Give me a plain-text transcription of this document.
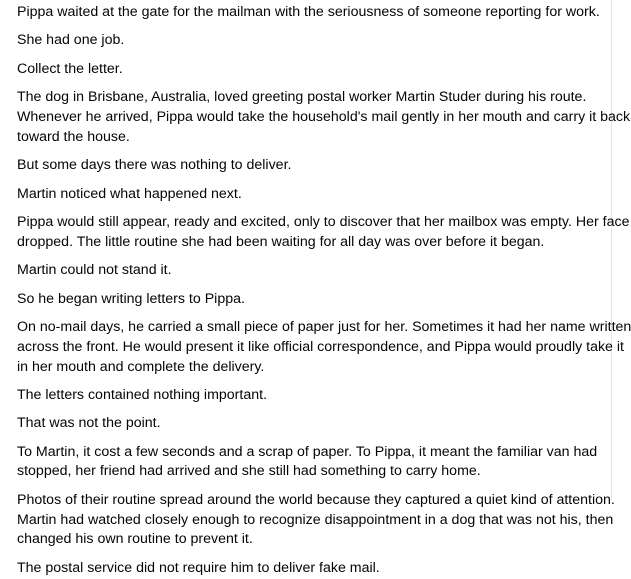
Pippa waited at the gate for the mailman with the seriousness of someone reporting for work.

She had one job.

Collect the letter.

The dog in Brisbane, Australia, loved greeting postal worker Martin Studer during his route.
Whenever he arrived, Pippa would take the household's mail gently in her mouth and carry it back
toward the house.

But some days there was nothing to deliver.

Martin noticed what happened next.

Pippa would still appear, ready and excited, only to discover that her mailbox was empty. Her face
dropped. The little routine she had been waiting for all day was over before it began.

Martin could not stand it.

So he began writing letters to Pippa.

On no-mail days, he carried a small piece of paper just for her. Sometimes it had her name written
across the front. He would present it like official correspondence, and Pippa would proudly take it
in her mouth and complete the delivery.

The letters contained nothing important.

That was not the point.

To Martin, it cost a few seconds and a scrap of paper. To Pippa, it meant the familiar van had
stopped, her friend had arrived and she still had something to carry home.

Photos of their routine spread around the world because they captured a quiet kind of attention.
Martin had watched closely enough to recognize disappointment in a dog that was not his, then
changed his own routine to prevent it.

The postal service did not require him to deliver fake mail.
